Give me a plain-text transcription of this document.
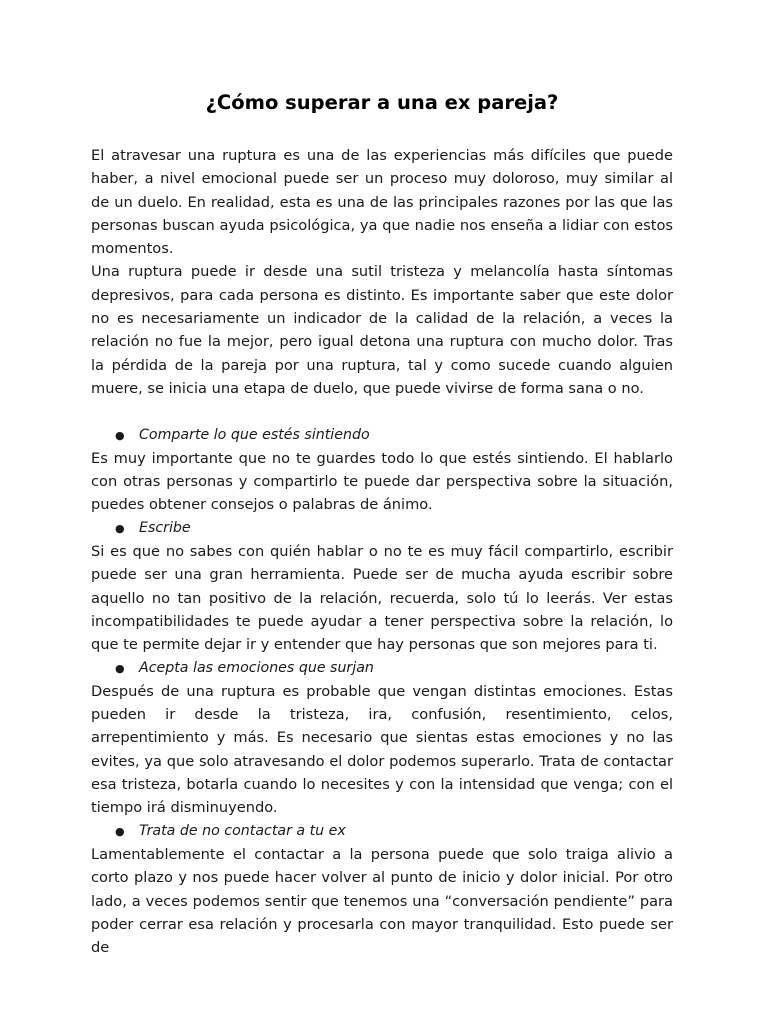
¿Cómo superar a una ex pareja?

El atravesar una ruptura es una de las experiencias más difíciles que puede haber, a nivel emocional puede ser un proceso muy doloroso, muy similar al de un duelo. En realidad, esta es una de las principales razones por las que las personas buscan ayuda psicológica, ya que nadie nos enseña a lidiar con estos momentos.

Una ruptura puede ir desde una sutil tristeza y melancolía hasta síntomas depresivos, para cada persona es distinto. Es importante saber que este dolor no es necesariamente un indicador de la calidad de la relación, a veces la relación no fue la mejor, pero igual detona una ruptura con mucho dolor. Tras la pérdida de la pareja por una ruptura, tal y como sucede cuando alguien muere, se inicia una etapa de duelo, que puede vivirse de forma sana o no.

● Comparte lo que estés sintiendo

Es muy importante que no te guardes todo lo que estés sintiendo. El hablarlo con otras personas y compartirlo te puede dar perspectiva sobre la situación, puedes obtener consejos o palabras de ánimo.

● Escribe

Si es que no sabes con quién hablar o no te es muy fácil compartirlo, escribir puede ser una gran herramienta. Puede ser de mucha ayuda escribir sobre aquello no tan positivo de la relación, recuerda, solo tú lo leerás. Ver estas incompatibilidades te puede ayudar a tener perspectiva sobre la relación, lo que te permite dejar ir y entender que hay personas que son mejores para ti.

● Acepta las emociones que surjan

Después de una ruptura es probable que vengan distintas emociones. Estas pueden ir desde la tristeza, ira, confusión, resentimiento, celos, arrepentimiento y más. Es necesario que sientas estas emociones y no las evites, ya que solo atravesando el dolor podemos superarlo. Trata de contactar esa tristeza, botarla cuando lo necesites y con la intensidad que venga; con el tiempo irá disminuyendo.

● Trata de no contactar a tu ex

Lamentablemente el contactar a la persona puede que solo traiga alivio a corto plazo y nos puede hacer volver al punto de inicio y dolor inicial. Por otro lado, a veces podemos sentir que tenemos una “conversación pendiente” para poder cerrar esa relación y procesarla con mayor tranquilidad. Esto puede ser de
